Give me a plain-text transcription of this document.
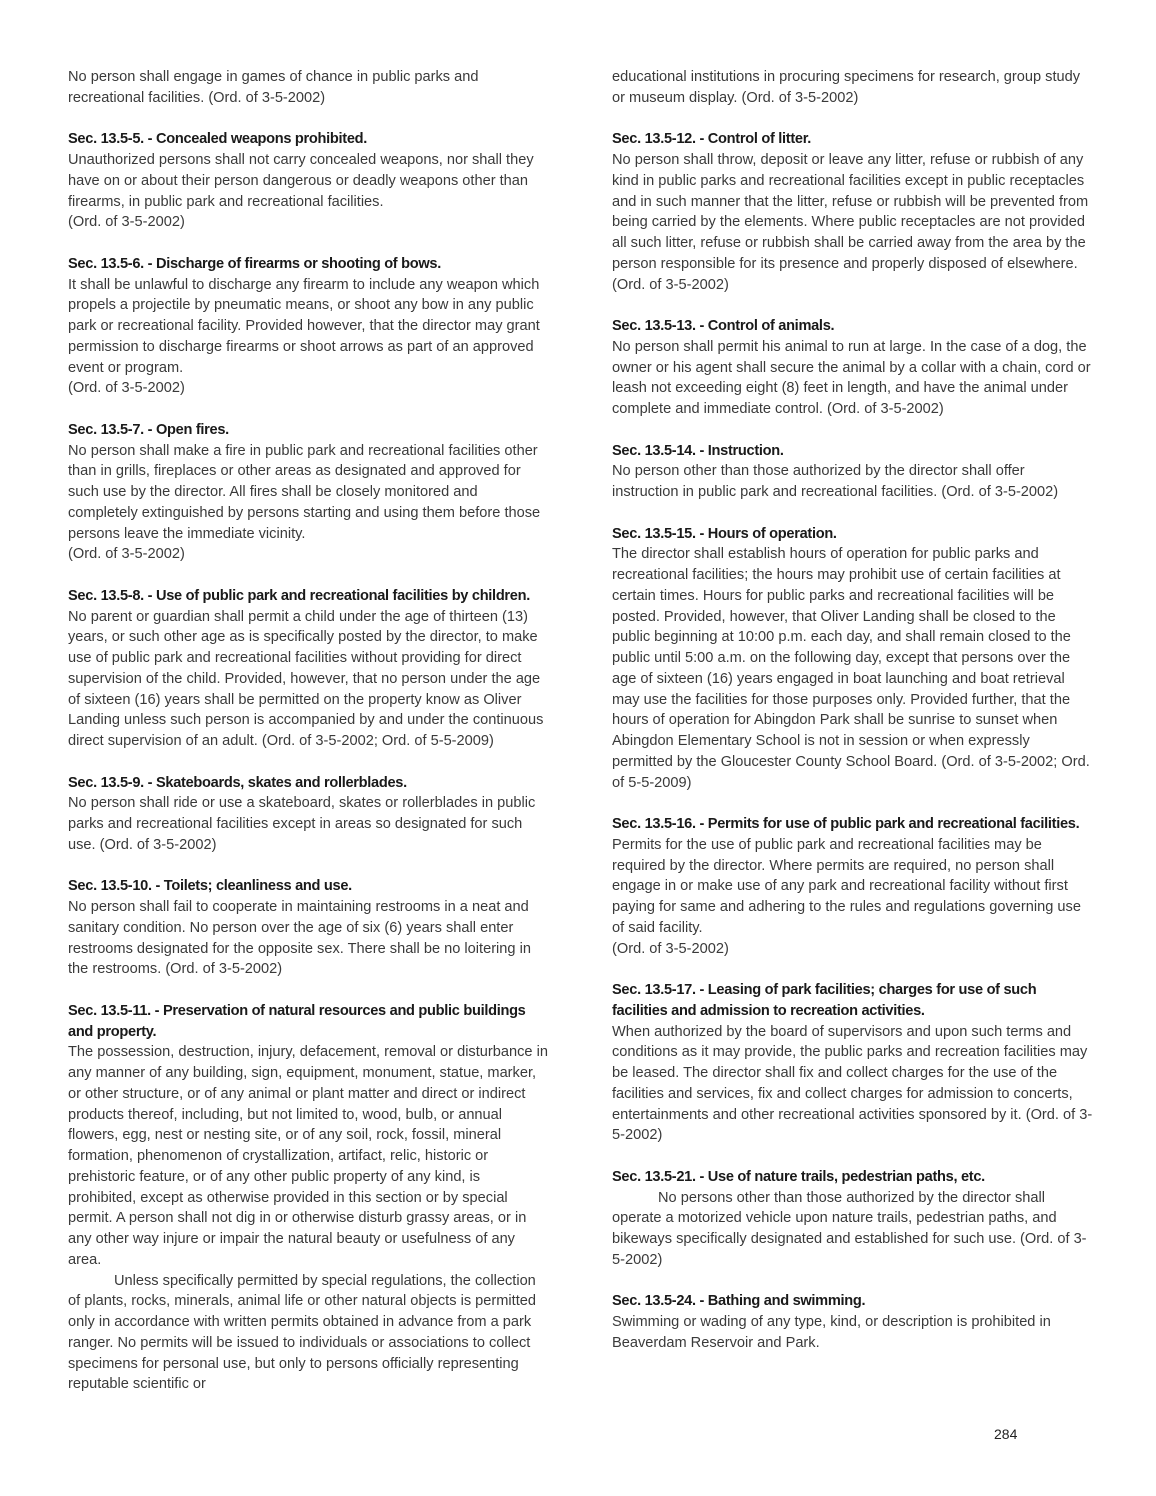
No person shall engage in games of chance in public parks and recreational facilities. (Ord. of 3-5-2002)

Sec. 13.5-5. - Concealed weapons prohibited.

Unauthorized persons shall not carry concealed weapons, nor shall they have on or about their person dangerous or deadly weapons other than firearms, in public park and recreational facilities.

(Ord. of 3-5-2002)

Sec. 13.5-6. - Discharge of firearms or shooting of bows.

It shall be unlawful to discharge any firearm to include any weapon which propels a projectile by pneumatic means, or shoot any bow in any public park or recreational facility. Provided however, that the director may grant permission to discharge firearms or shoot arrows as part of an approved event or program.

(Ord. of 3-5-2002)

Sec. 13.5-7. - Open fires.

No person shall make a fire in public park and recreational facilities other than in grills, fireplaces or other areas as designated and approved for such use by the director. All fires shall be closely monitored and completely extinguished by persons starting and using them before those persons leave the immediate vicinity.

(Ord. of 3-5-2002)

Sec. 13.5-8. - Use of public park and recreational facilities by children.

No parent or guardian shall permit a child under the age of thirteen (13) years, or such other age as is specifically posted by the director, to make use of public park and recreational facilities without providing for direct supervision of the child. Provided, however, that no person under the age of sixteen (16) years shall be permitted on the property know as Oliver Landing unless such person is accompanied by and under the continuous direct supervision of an adult. (Ord. of 3-5-2002; Ord. of 5-5-2009)

Sec. 13.5-9. - Skateboards, skates and rollerblades.

No person shall ride or use a skateboard, skates or rollerblades in public parks and recreational facilities except in areas so designated for such use. (Ord. of 3-5-2002)

Sec. 13.5-10. - Toilets; cleanliness and use.

No person shall fail to cooperate in maintaining restrooms in a neat and sanitary condition. No person over the age of six (6) years shall enter restrooms designated for the opposite sex. There shall be no loitering in the restrooms. (Ord. of 3-5-2002)

Sec. 13.5-11. - Preservation of natural resources and public buildings and property.

The possession, destruction, injury, defacement, removal or disturbance in any manner of any building, sign, equipment, monument, statue, marker, or other structure, or of any animal or plant matter and direct or indirect products thereof, including, but not limited to, wood, bulb, or annual flowers, egg, nest or nesting site, or of any soil, rock, fossil, mineral formation, phenomenon of crystallization, artifact, relic, historic or prehistoric feature, or of any other public property of any kind, is prohibited, except as otherwise provided in this section or by special permit. A person shall not dig in or otherwise disturb grassy areas, or in any other way injure or impair the natural beauty or usefulness of any area.

Unless specifically permitted by special regulations, the collection of plants, rocks, minerals, animal life or other natural objects is permitted only in accordance with written permits obtained in advance from a park ranger. No permits will be issued to individuals or associations to collect specimens for personal use, but only to persons officially representing reputable scientific or

educational institutions in procuring specimens for research, group study or museum display. (Ord. of 3-5-2002)

Sec. 13.5-12. - Control of litter.

No person shall throw, deposit or leave any litter, refuse or rubbish of any kind in public parks and recreational facilities except in public receptacles and in such manner that the litter, refuse or rubbish will be prevented from being carried by the elements. Where public receptacles are not provided all such litter, refuse or rubbish shall be carried away from the area by the person responsible for its presence and properly disposed of elsewhere. (Ord. of 3-5-2002)

Sec. 13.5-13. - Control of animals.

No person shall permit his animal to run at large. In the case of a dog, the owner or his agent shall secure the animal by a collar with a chain, cord or leash not exceeding eight (8) feet in length, and have the animal under complete and immediate control. (Ord. of 3-5-2002)

Sec. 13.5-14. - Instruction.

No person other than those authorized by the director shall offer instruction in public park and recreational facilities. (Ord. of 3-5-2002)

Sec. 13.5-15. - Hours of operation.

The director shall establish hours of operation for public parks and recreational facilities; the hours may prohibit use of certain facilities at certain times. Hours for public parks and recreational facilities will be posted. Provided, however, that Oliver Landing shall be closed to the public beginning at 10:00 p.m. each day, and shall remain closed to the public until 5:00 a.m. on the following day, except that persons over the age of sixteen (16) years engaged in boat launching and boat retrieval may use the facilities for those purposes only. Provided further, that the hours of operation for Abingdon Park shall be sunrise to sunset when Abingdon Elementary School is not in session or when expressly permitted by the Gloucester County School Board. (Ord. of 3-5-2002; Ord. of 5-5-2009)

Sec. 13.5-16. - Permits for use of public park and recreational facilities.

Permits for the use of public park and recreational facilities may be required by the director. Where permits are required, no person shall engage in or make use of any park and recreational facility without first paying for same and adhering to the rules and regulations governing use of said facility.

(Ord. of 3-5-2002)

Sec. 13.5-17. - Leasing of park facilities; charges for use of such facilities and admission to recreation activities.

When authorized by the board of supervisors and upon such terms and conditions as it may provide, the public parks and recreation facilities may be leased. The director shall fix and collect charges for the use of the facilities and services, fix and collect charges for admission to concerts, entertainments and other recreational activities sponsored by it. (Ord. of 3-5-2002)

Sec. 13.5-21. - Use of nature trails, pedestrian paths, etc.

No persons other than those authorized by the director shall operate a motorized vehicle upon nature trails, pedestrian paths, and bikeways specifically designated and established for such use. (Ord. of 3-5-2002)

Sec. 13.5-24. - Bathing and swimming.

Swimming or wading of any type, kind, or description is prohibited in Beaverdam Reservoir and Park.

284
